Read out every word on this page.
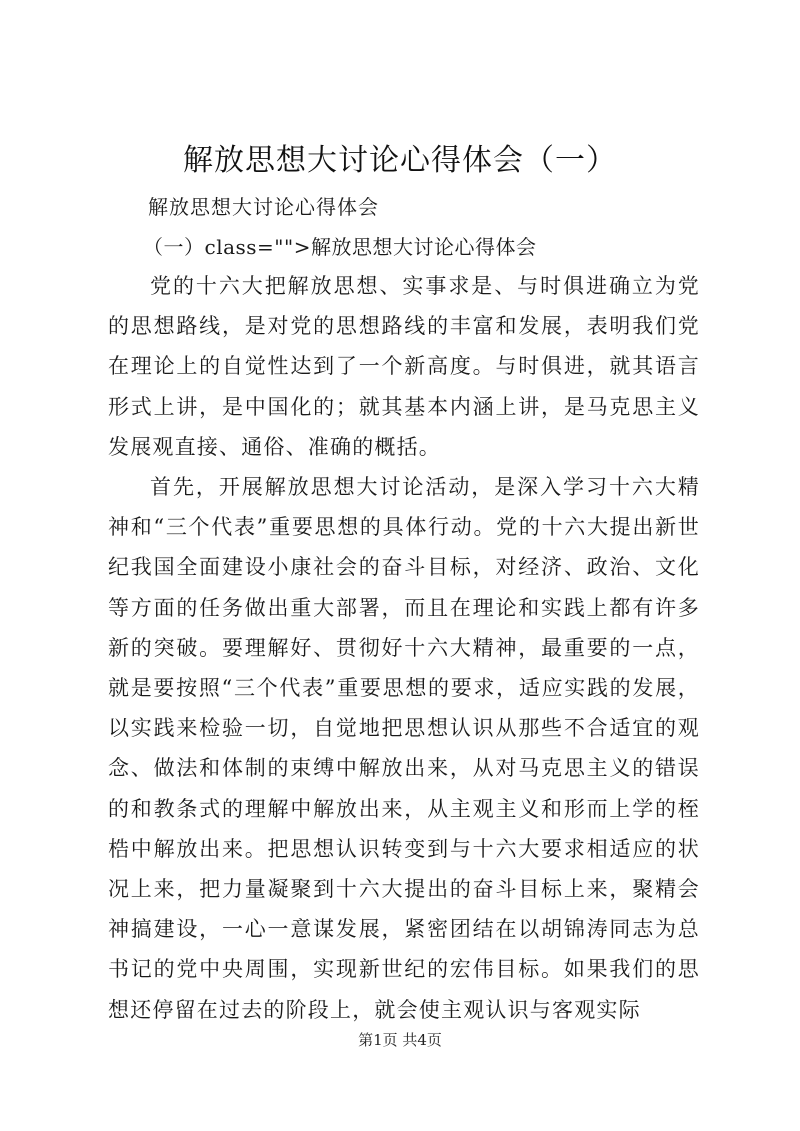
解放思想大讨论心得体会（一）
解放思想大讨论心得体会
（一）class="">解放思想大讨论心得体会

党的十六大把解放思想、实事求是、与时俱进确立为党的思想路线，是对党的思想路线的丰富和发展，表明我们党在理论上的自觉性达到了一个新高度。与时俱进，就其语言形式上讲，是中国化的；就其基本内涵上讲，是马克思主义发展观直接、通俗、准确的概括。

首先，开展解放思想大讨论活动，是深入学习十六大精神和“三个代表”重要思想的具体行动。党的十六大提出新世纪我国全面建设小康社会的奋斗目标，对经济、政治、文化等方面的任务做出重大部署，而且在理论和实践上都有许多新的突破。要理解好、贯彻好十六大精神，最重要的一点，就是要按照“三个代表”重要思想的要求，适应实践的发展，以实践来检验一切，自觉地把思想认识从那些不合适宜的观念、做法和体制的束缚中解放出来，从对马克思主义的错误的和教条式的理解中解放出来，从主观主义和形而上学的桎梏中解放出来。把思想认识转变到与十六大要求相适应的状况上来，把力量凝聚到十六大提出的奋斗目标上来，聚精会神搞建设，一心一意谋发展，紧密团结在以胡锦涛同志为总书记的党中央周围，实现新世纪的宏伟目标。如果我们的思想还停留在过去的阶段上，就会使主观认识与客观实际

第1页 共4页
